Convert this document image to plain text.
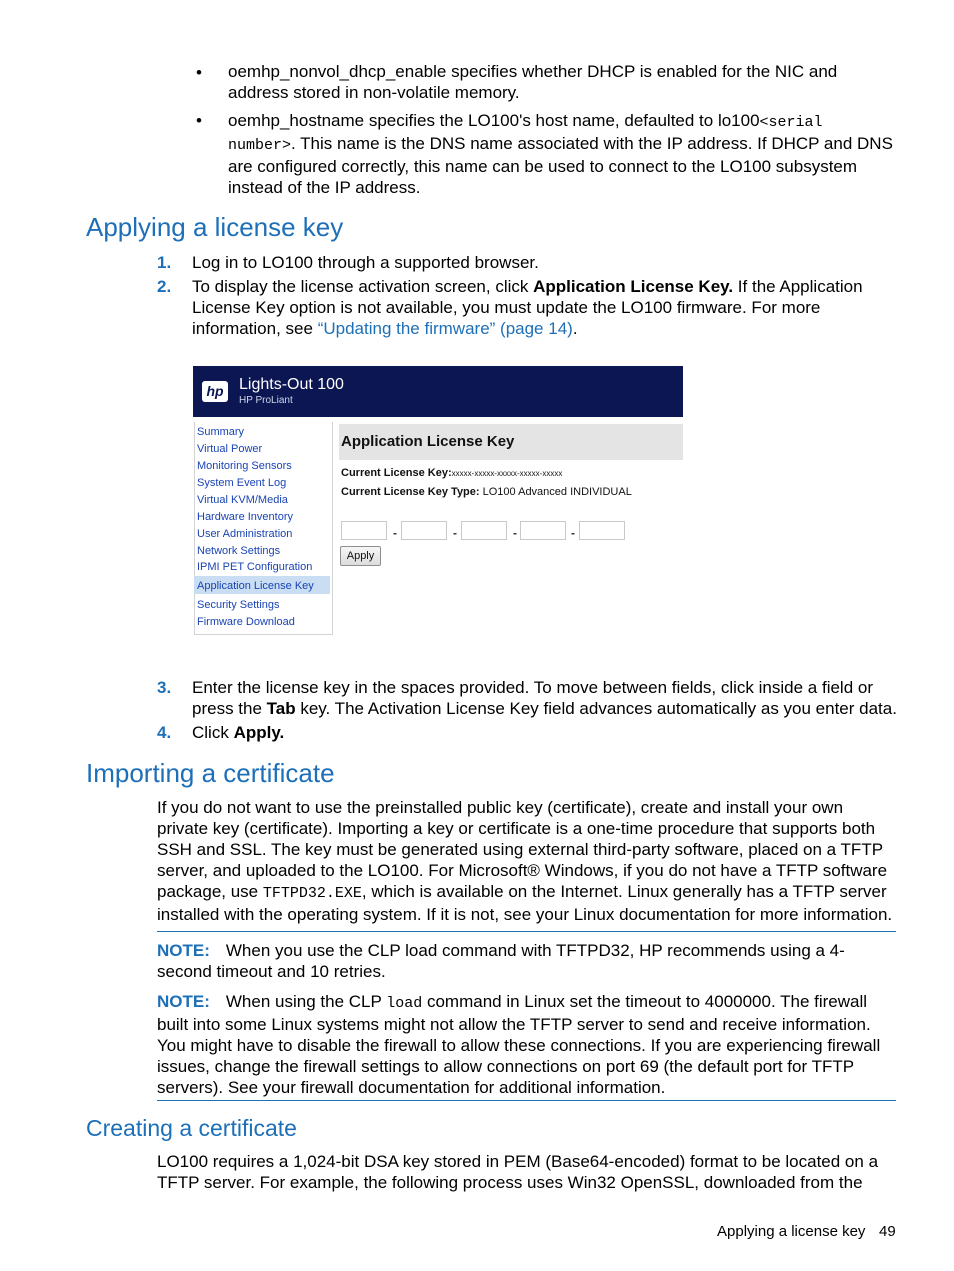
• oemhp_nonvol_dhcp_enable specifies whether DHCP is enabled for the NIC and address stored in non-volatile memory.
• oemhp_hostname specifies the LO100's host name, defaulted to lo100<serial number>. This name is the DNS name associated with the IP address. If DHCP and DNS are configured correctly, this name can be used to connect to the LO100 subsystem instead of the IP address.
Applying a license key
1. Log in to LO100 through a supported browser.
2. To display the license activation screen, click Application License Key. If the Application License Key option is not available, you must update the LO100 firmware. For more information, see “Updating the firmware” (page 14).
hp Lights-Out 100
HP ProLiant
Summary
Virtual Power
Monitoring Sensors
System Event Log
Virtual KVM/Media
Hardware Inventory
User Administration
Network Settings
IPMI PET Configuration
Application License Key
Security Settings
Firmware Download
Application License Key
Current License Key:xxxxx-xxxxx-xxxxx-xxxxx-xxxxx
Current License Key Type: LO100 Advanced INDIVIDUAL
-	-	-	-
Apply
3. Enter the license key in the spaces provided. To move between fields, click inside a field or press the Tab key. The Activation License Key field advances automatically as you enter data.
4. Click Apply.
Importing a certificate
If you do not want to use the preinstalled public key (certificate), create and install your own private key (certificate). Importing a key or certificate is a one-time procedure that supports both SSH and SSL. The key must be generated using external third-party software, placed on a TFTP server, and uploaded to the LO100. For Microsoft® Windows, if you do not have a TFTP software package, use TFTPD32.EXE, which is available on the Internet. Linux generally has a TFTP server installed with the operating system. If it is not, see your Linux documentation for more information.
NOTE: When you use the CLP load command with TFTPD32, HP recommends using a 4-second timeout and 10 retries.
NOTE: When using the CLP load command in Linux set the timeout to 4000000. The firewall built into some Linux systems might not allow the TFTP server to send and receive information. You might have to disable the firewall to allow these connections. If you are experiencing firewall issues, change the firewall settings to allow connections on port 69 (the default port for TFTP servers). See your firewall documentation for additional information.
Creating a certificate
LO100 requires a 1,024-bit DSA key stored in PEM (Base64-encoded) format to be located on a TFTP server. For example, the following process uses Win32 OpenSSL, downloaded from the
Applying a license key 49
